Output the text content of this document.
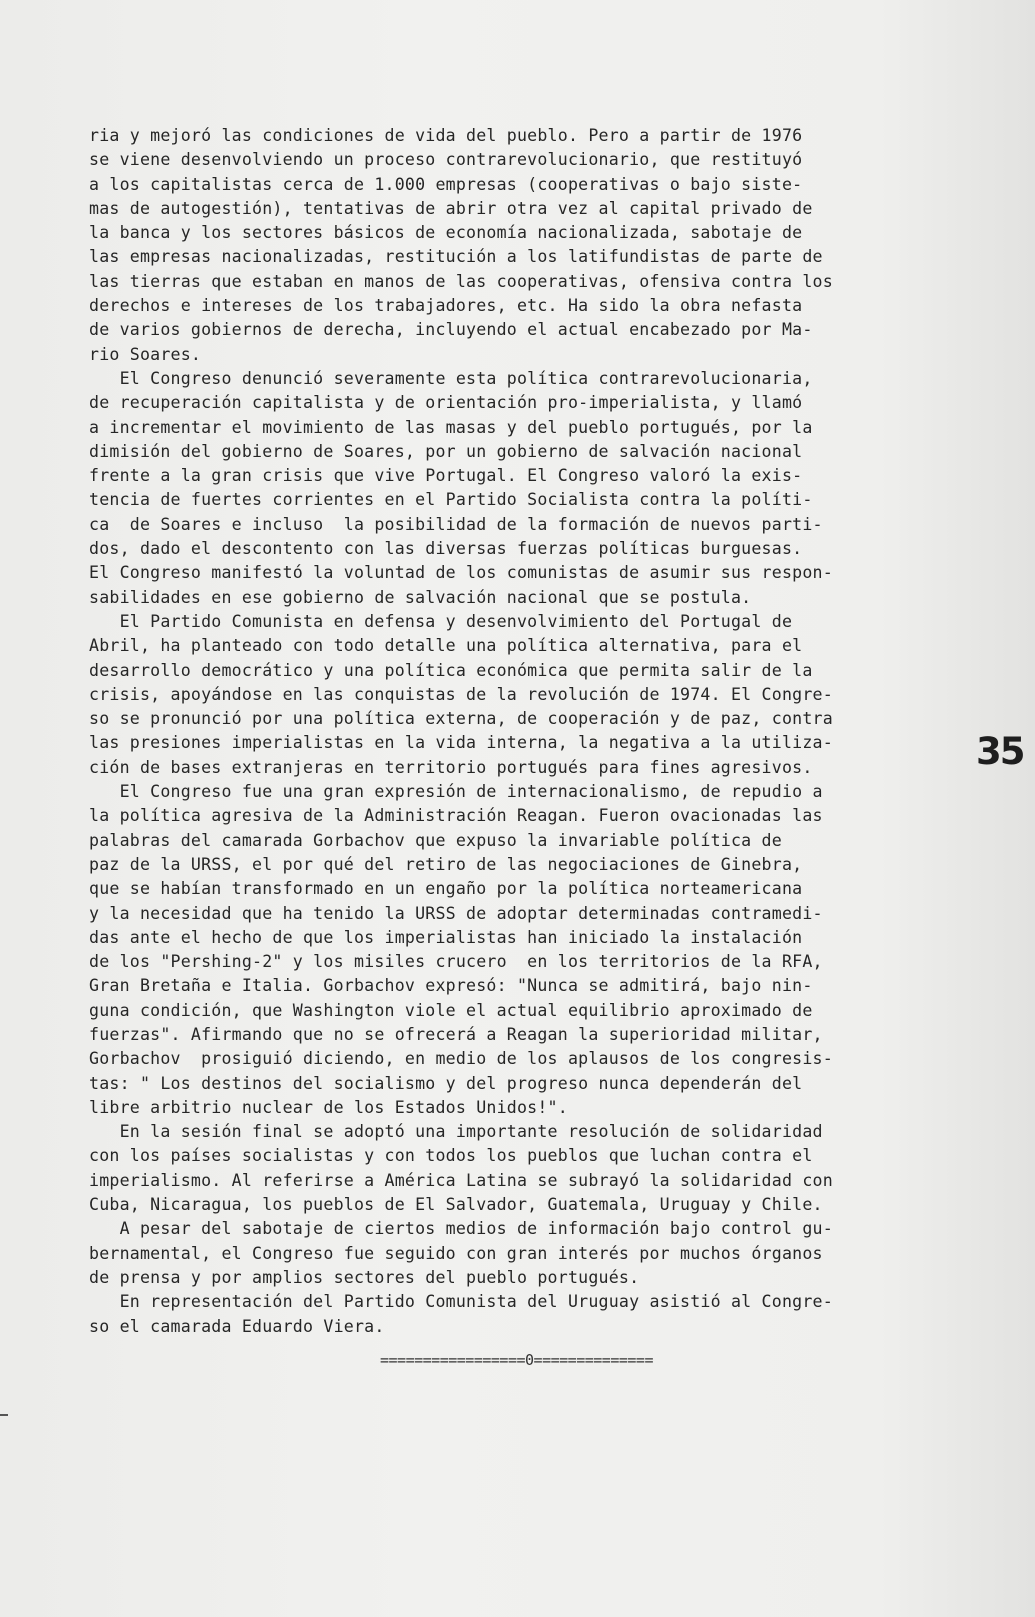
ria y mejoró las condiciones de vida del pueblo. Pero a partir de 1976
se viene desenvolviendo un proceso contrarevolucionario, que restituyó
a los capitalistas cerca de 1.000 empresas (cooperativas o bajo siste-
mas de autogestión), tentativas de abrir otra vez al capital privado de
la banca y los sectores básicos de economía nacionalizada, sabotaje de
las empresas nacionalizadas, restitución a los latifundistas de parte de
las tierras que estaban en manos de las cooperativas, ofensiva contra los
derechos e intereses de los trabajadores, etc. Ha sido la obra nefasta
de varios gobiernos de derecha, incluyendo el actual encabezado por Ma-
rio Soares.
El Congreso denunció severamente esta política contrarevolucionaria,
de recuperación capitalista y de orientación pro-imperialista, y llamó
a incrementar el movimiento de las masas y del pueblo portugués, por la
dimisión del gobierno de Soares, por un gobierno de salvación nacional
frente a la gran crisis que vive Portugal. El Congreso valoró la exis-
tencia de fuertes corrientes en el Partido Socialista contra la políti-
ca  de Soares e incluso  la posibilidad de la formación de nuevos parti-
dos, dado el descontento con las diversas fuerzas políticas burguesas.
El Congreso manifestó la voluntad de los comunistas de asumir sus respon-
sabilidades en ese gobierno de salvación nacional que se postula.
El Partido Comunista en defensa y desenvolvimiento del Portugal de
Abril, ha planteado con todo detalle una política alternativa, para el
desarrollo democrático y una política económica que permita salir de la
crisis, apoyándose en las conquistas de la revolución de 1974. El Congre-
so se pronunció por una política externa, de cooperación y de paz, contra
las presiones imperialistas en la vida interna, la negativa a la utiliza-
ción de bases extranjeras en territorio portugués para fines agresivos.
El Congreso fue una gran expresión de internacionalismo, de repudio a
la política agresiva de la Administración Reagan. Fueron ovacionadas las
palabras del camarada Gorbachov que expuso la invariable política de
paz de la URSS, el por qué del retiro de las negociaciones de Ginebra,
que se habían transformado en un engaño por la política norteamericana
y la necesidad que ha tenido la URSS de adoptar determinadas contramedi-
das ante el hecho de que los imperialistas han iniciado la instalación
de los "Pershing-2" y los misiles crucero  en los territorios de la RFA,
Gran Bretaña e Italia. Gorbachov expresó: "Nunca se admitirá, bajo nin-
guna condición, que Washington viole el actual equilibrio aproximado de
fuerzas". Afirmando que no se ofrecerá a Reagan la superioridad militar,
Gorbachov  prosiguió diciendo, en medio de los aplausos de los congresis-
tas: " Los destinos del socialismo y del progreso nunca dependerán del
libre arbitrio nuclear de los Estados Unidos!".
En la sesión final se adoptó una importante resolución de solidaridad
con los países socialistas y con todos los pueblos que luchan contra el
imperialismo. Al referirse a América Latina se subrayó la solidaridad con
Cuba, Nicaragua, los pueblos de El Salvador, Guatemala, Uruguay y Chile.
A pesar del sabotaje de ciertos medios de información bajo control gu-
bernamental, el Congreso fue seguido con gran interés por muchos órganos
de prensa y por amplios sectores del pueblo portugués.
En representación del Partido Comunista del Uruguay asistió al Congre-
so el camarada Eduardo Viera.
=================0==============
35
